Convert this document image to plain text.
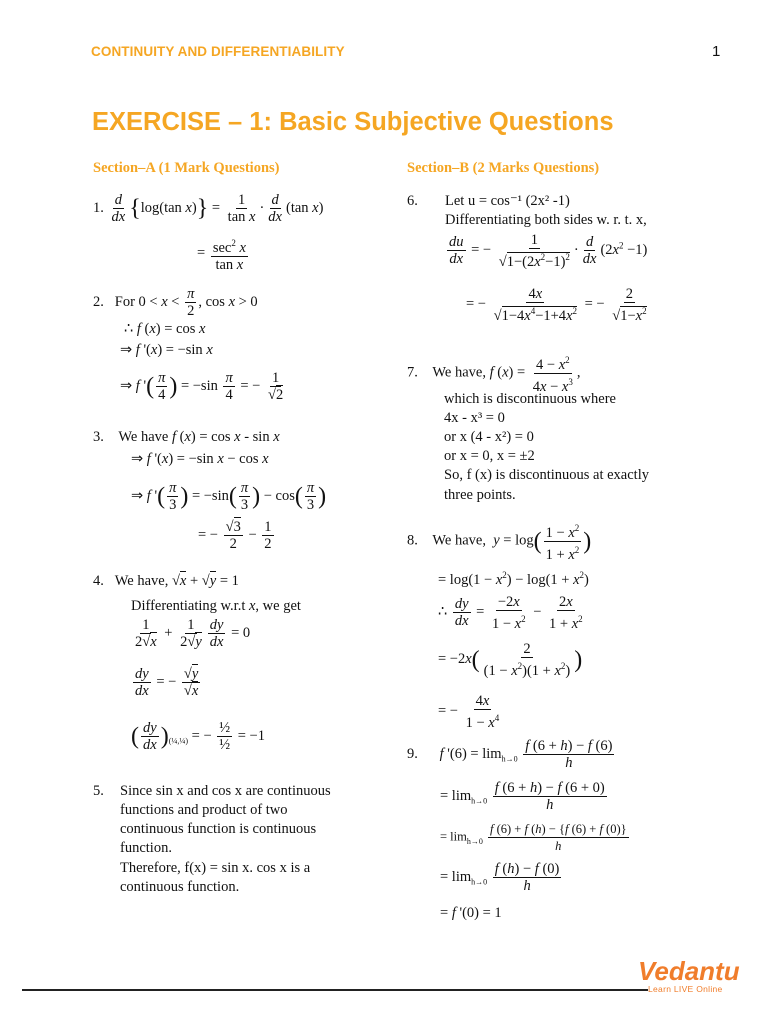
CONTINUITY AND DIFFERENTIABILITY	1
EXERCISE – 1: Basic Subjective Questions
Section–A (1 Mark Questions)	Section–B (2 Marks Questions)
1. $\frac{d}{dx} \{\log(\tan$ $x)\} = \frac{1}{\text{tan x}} \cdot \frac{d}{dx} (\tan$ x)
= $\frac{\sec^2 x}{\text{tan x}}$
2.   For $0 < x < \frac{\pi}{2}$ , cos x > 0
∴ f (x) = cos x
⇒ f '(x) = −sin x
⇒ f '( $\frac{\pi}{4}$ ) = $-\sin \frac{\pi}{4}$ = − $\frac{1}{√2}$
3.    We have f (x) = cos x - sin x
⇒ f '(x) = −sin x − cos x
⇒ f '( $\frac{\pi}{3}$ ) = $-\sin( \frac{\pi}{3}$ ) − $\cos( \frac{\pi}{3}$ )
= − $\frac{√3}{2} - \frac{1}{2}$
4.   We have, √x + √y = 1
Differentiating w.r.t x, we get
$\frac{1}{2√x} + \frac{1}{2√y} \frac{dy}{dx} = 0$
$\frac{dy}{dx}$ = − $\frac{√y}{√x}$
( $\frac{dy}{dx} )_{(\frac{1}{4},\frac{1}{4})}$ = − $\frac{\text{½}}{\text{½}} = -1$
5. Since sin x and cos x are continuous
functions and product of two
continuous function is continuous
function.
Therefore, f(x) = sin x. cos x is a
continuous function.
6. Let u = cos⁻¹ (2x² -1)
Differentiating both sides w. r. t. x,
$\frac{du}{dx}$ = − $\frac{1}{√1-(2x^2-1)^2} \cdot \frac{d}{dx} (2x^2 -1)$
= − $\frac{4x}{√1-4x^4-1+4x^2}$ = − $\frac{2}{√1-x^2}$
7.    We have, f $(x) = \frac{4 - x^2}{4x - x^3}$ ,
which is discontinuous where
4x - x³ = 0
or x (4 - x²) = 0
or x = 0, x = ±2
So, f (x) is discontinuous at exactly
three points.
8.    We have,  $y = \log( \frac{1 - x^2}{1 + x^2}$ )
= $\log(1 - x^2) - \log(1 + x^2)$
∴ $\frac{dy}{dx} = \frac{-2x}{1 - x^2} - \frac{2x}{1 + x^2}$
= $-2x( \frac{2}{(1 - x^2)(1 + x^2)}$ )
= − $\frac{4x}{1 - x^4}$
9.      f '$(6) = \lim_{h\to 0} \frac{f (6 + h) - f (6)}{h}$
= $\lim_{h\to 0} \frac{f (6 + h) - f (6 + 0)}{h}$
= $\lim_{h\to 0} \frac{f (6) + f (h) - \{f (6) + f (0)\}}{h}$
= $\lim_{h\to 0} \frac{f (h) - f (0)}{h}$
= f '(0) = 1
Vedantu
Learn LIVE Online
